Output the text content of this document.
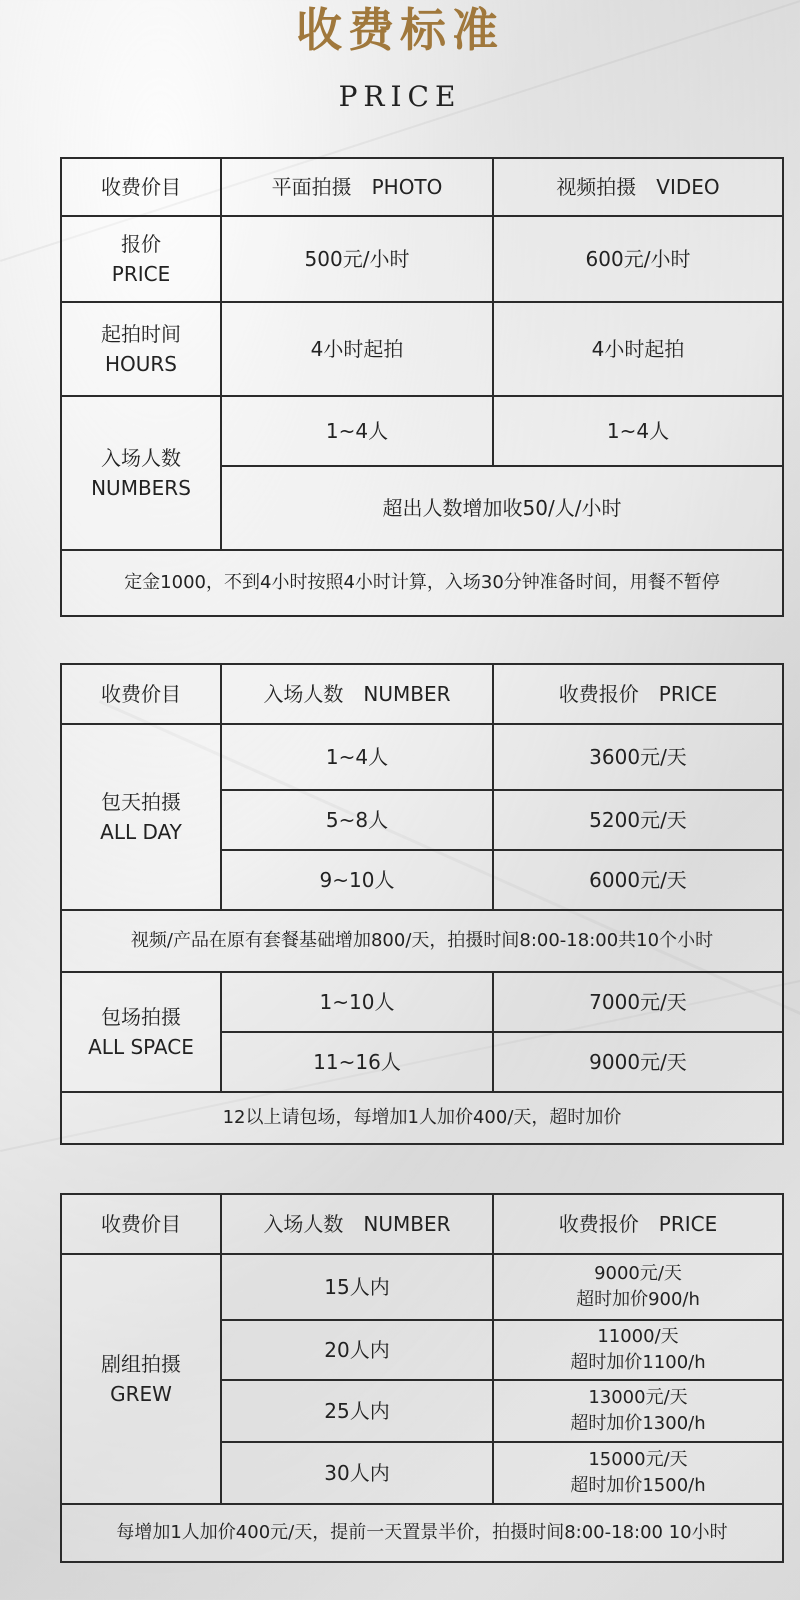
收费标准
PRICE
收费价目	平面拍摄　PHOTO	视频拍摄　VIDEO

报价
PRICE	500元/小时	600元/小时

起拍时间
HOURS	4小时起拍	4小时起拍

入场人数
NUMBERS	1~4人	1~4人
	超出人数增加收50/人/小时	
定金1000，不到4小时按照4小时计算，入场30分钟准备时间，用餐不暂停		
收费价目	入场人数　NUMBER	收费报价　PRICE

包天拍摄
ALL DAY	1~4人	3600元/天
	5~8人	5200元/天
	9~10人	6000元/天
视频/产品在原有套餐基础增加800/天，拍摄时间8:00-18:00共10个小时		

包场拍摄
ALL SPACE	1~10人	7000元/天
	11~16人	9000元/天
12以上请包场，每增加1人加价400/天，超时加价		
收费价目	入场人数　NUMBER	收费报价　PRICE

剧组拍摄
GREW	15人内	9000元/天
超时加价900/h

	20人内	11000/天
超时加价1100/h

	25人内	13000元/天
超时加价1300/h

	30人内	15000元/天
超时加价1500/h

每增加1人加价400元/天，提前一天置景半价，拍摄时间8:00-18:00 10小时		
